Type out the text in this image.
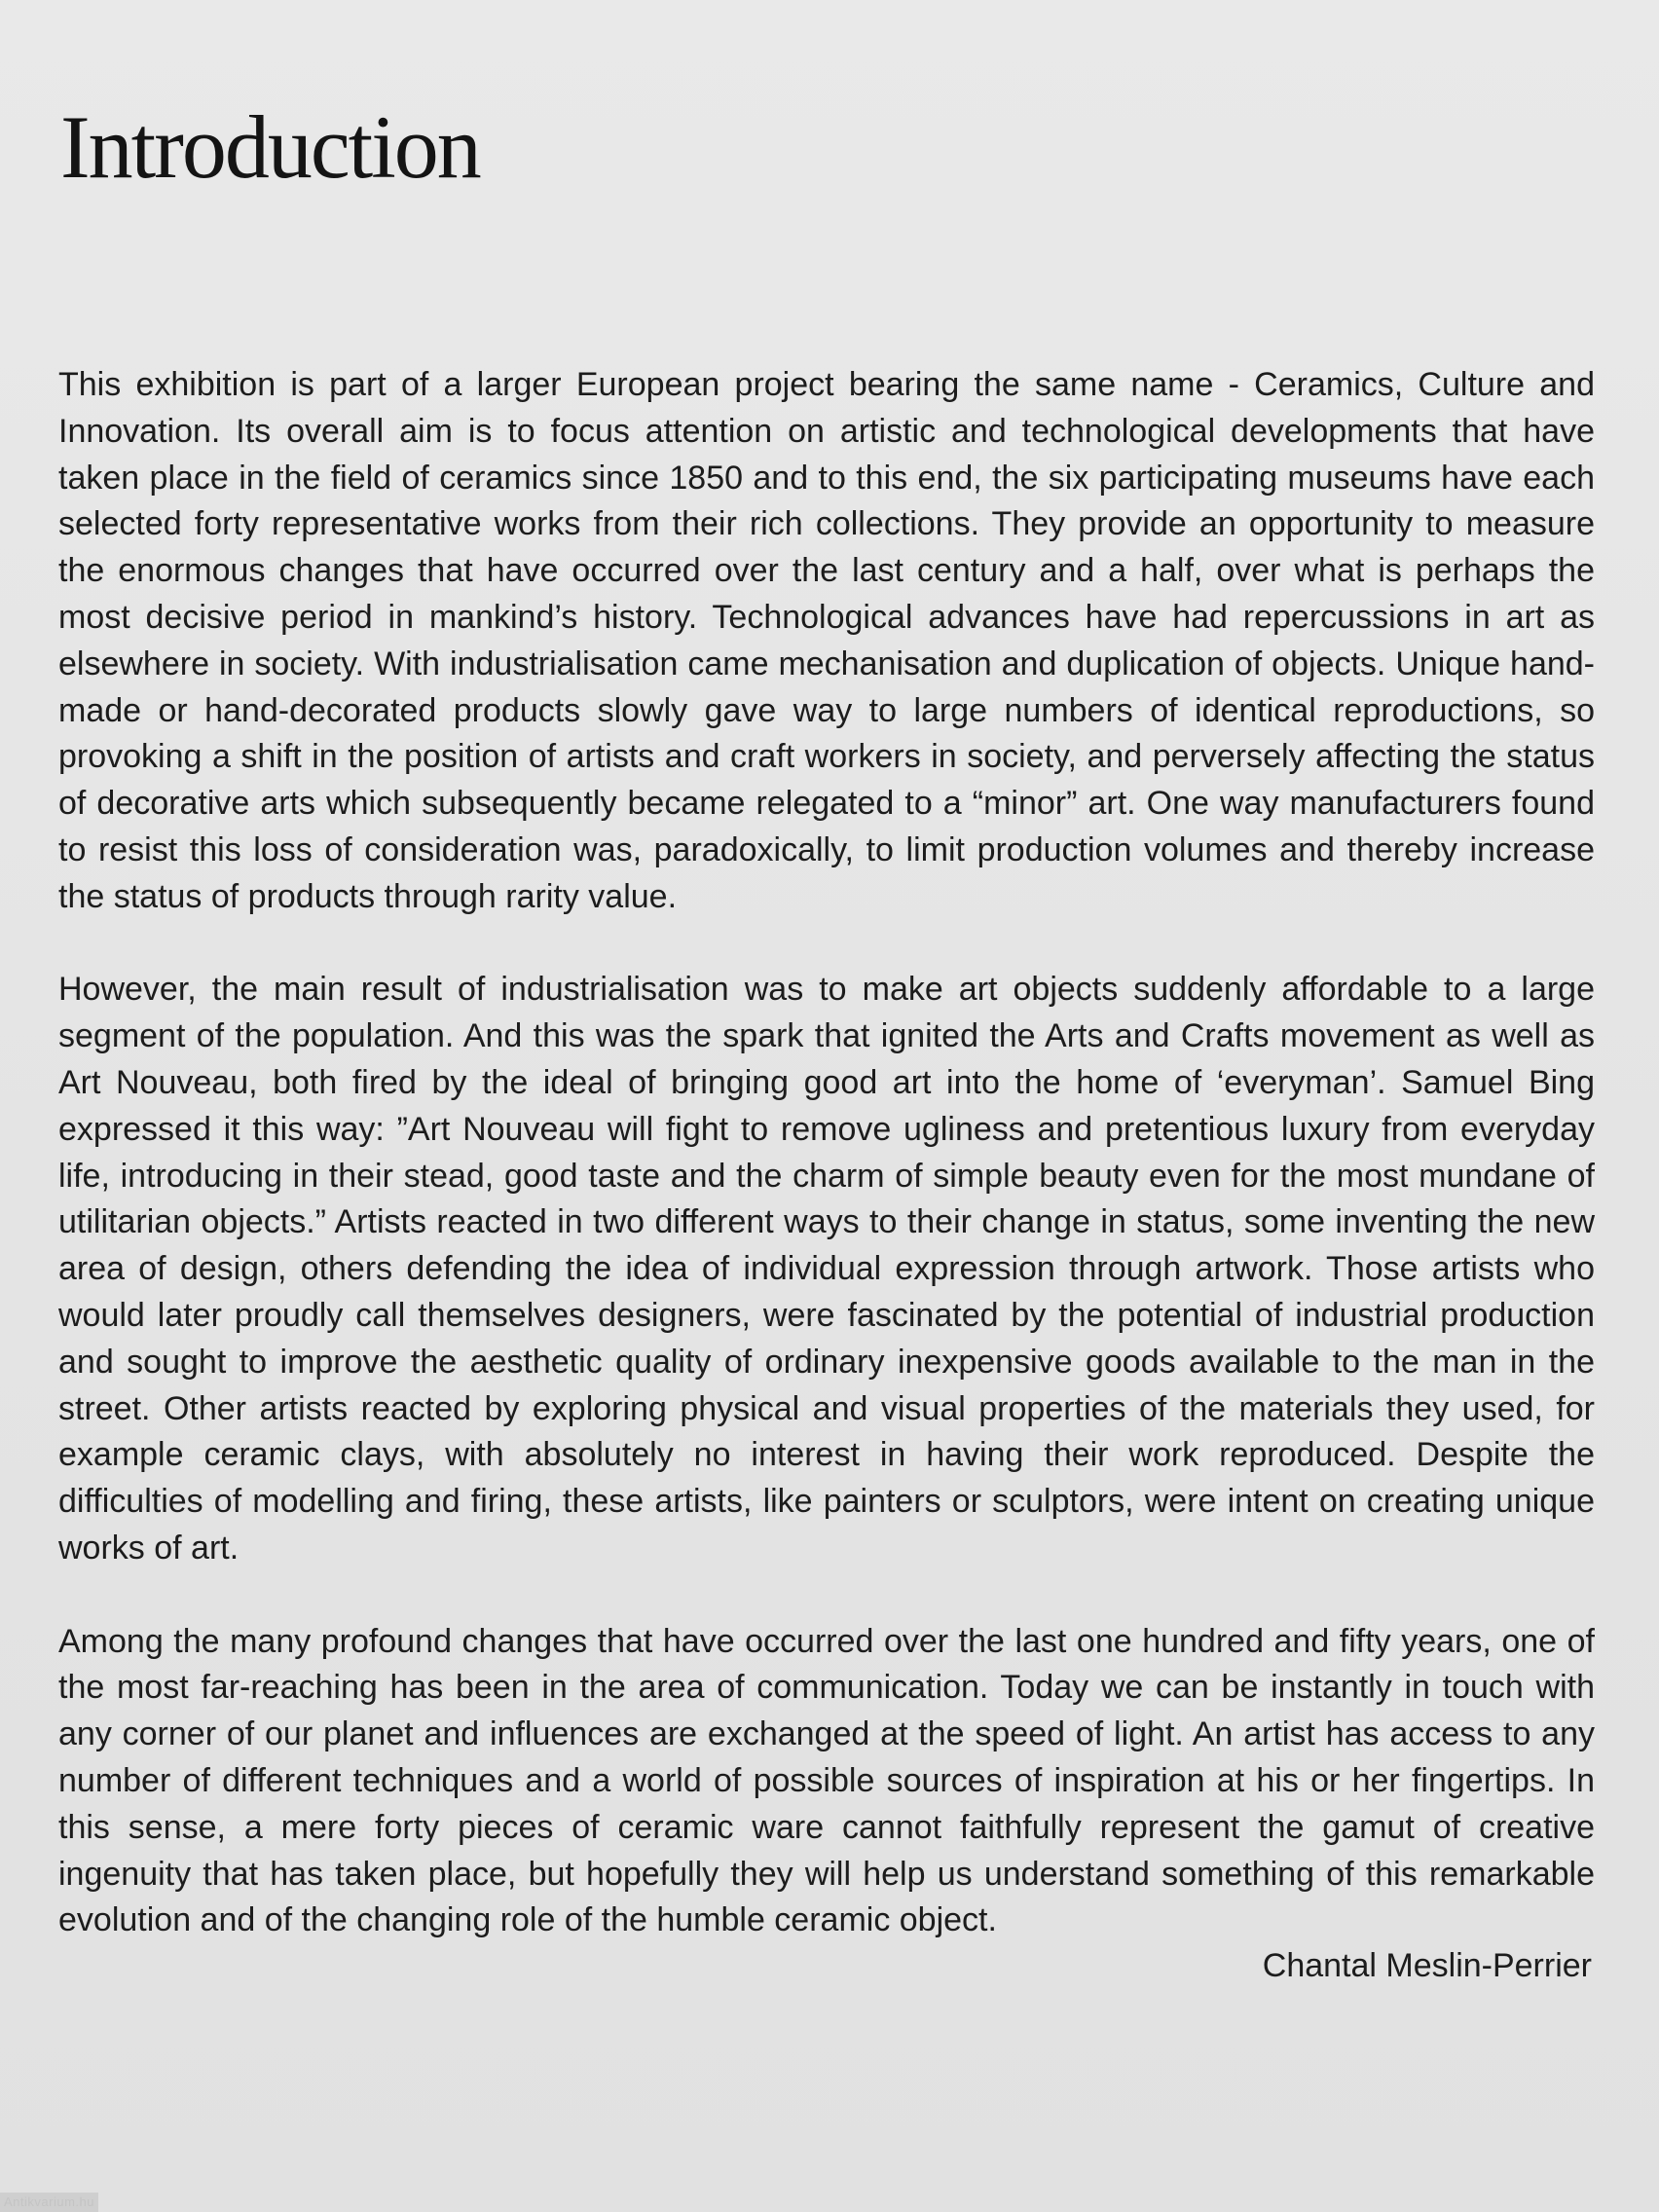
Introduction

This exhibition is part of a larger European project bearing the same name - Ceramics, Culture and Innovation. Its overall aim is to focus attention on artistic and technological developments that have taken place in the field of ceramics since 1850 and to this end, the six participating museums have each selected forty representative works from their rich collections. They provide an opportunity to measure the enormous changes that have occurred over the last century and a half, over what is perhaps the most decisive period in mankind’s history. Technological advances have had repercussions in art as elsewhere in society. With industrialisation came mechanisation and duplication of objects. Unique hand-made or hand-decorated products slowly gave way to large numbers of identical reproductions, so provoking a shift in the position of artists and craft workers in society, and perversely affecting the status of decorative arts which subsequently became relegated to a “minor” art. One way manufacturers found to resist this loss of consideration was, paradoxically, to limit production volumes and thereby increase the status of products through rarity value.

However, the main result of industrialisation was to make art objects suddenly affordable to a large segment of the population. And this was the spark that ignited the Arts and Crafts movement as well as Art Nouveau, both fired by the ideal of bringing good art into the home of ‘everyman’. Samuel Bing expressed it this way: ”Art Nouveau will fight to remove ugliness and pretentious luxury from everyday life, introducing in their stead, good taste and the charm of simple beauty even for the most mundane of utilitarian objects.” Artists reacted in two different ways to their change in status, some inventing the new area of design, others defending the idea of individual expression through artwork. Those artists who would later proudly call themselves designers, were fascinated by the potential of industrial production and sought to improve the aesthetic quality of ordinary inexpensive goods available to the man in the street. Other artists reacted by exploring physical and visual properties of the materials they used, for example ceramic clays, with absolutely no interest in having their work reproduced. Despite the difficulties of modelling and firing, these artists, like painters or sculptors, were intent on creating unique works of art.

Among the many profound changes that have occurred over the last one hundred and fifty years, one of the most far-reaching has been in the area of communication. Today we can be instantly in touch with any corner of our planet and influences are exchanged at the speed of light. An artist has access to any number of different techniques and a world of possible sources of inspiration at his or her fingertips. In this sense, a mere forty pieces of ceramic ware cannot faithfully represent the gamut of creative ingenuity that has taken place, but hopefully they will help us understand something of this remarkable evolution and of the changing role of the humble ceramic object.

Chantal Meslin-Perrier

Antikvarium.hu
